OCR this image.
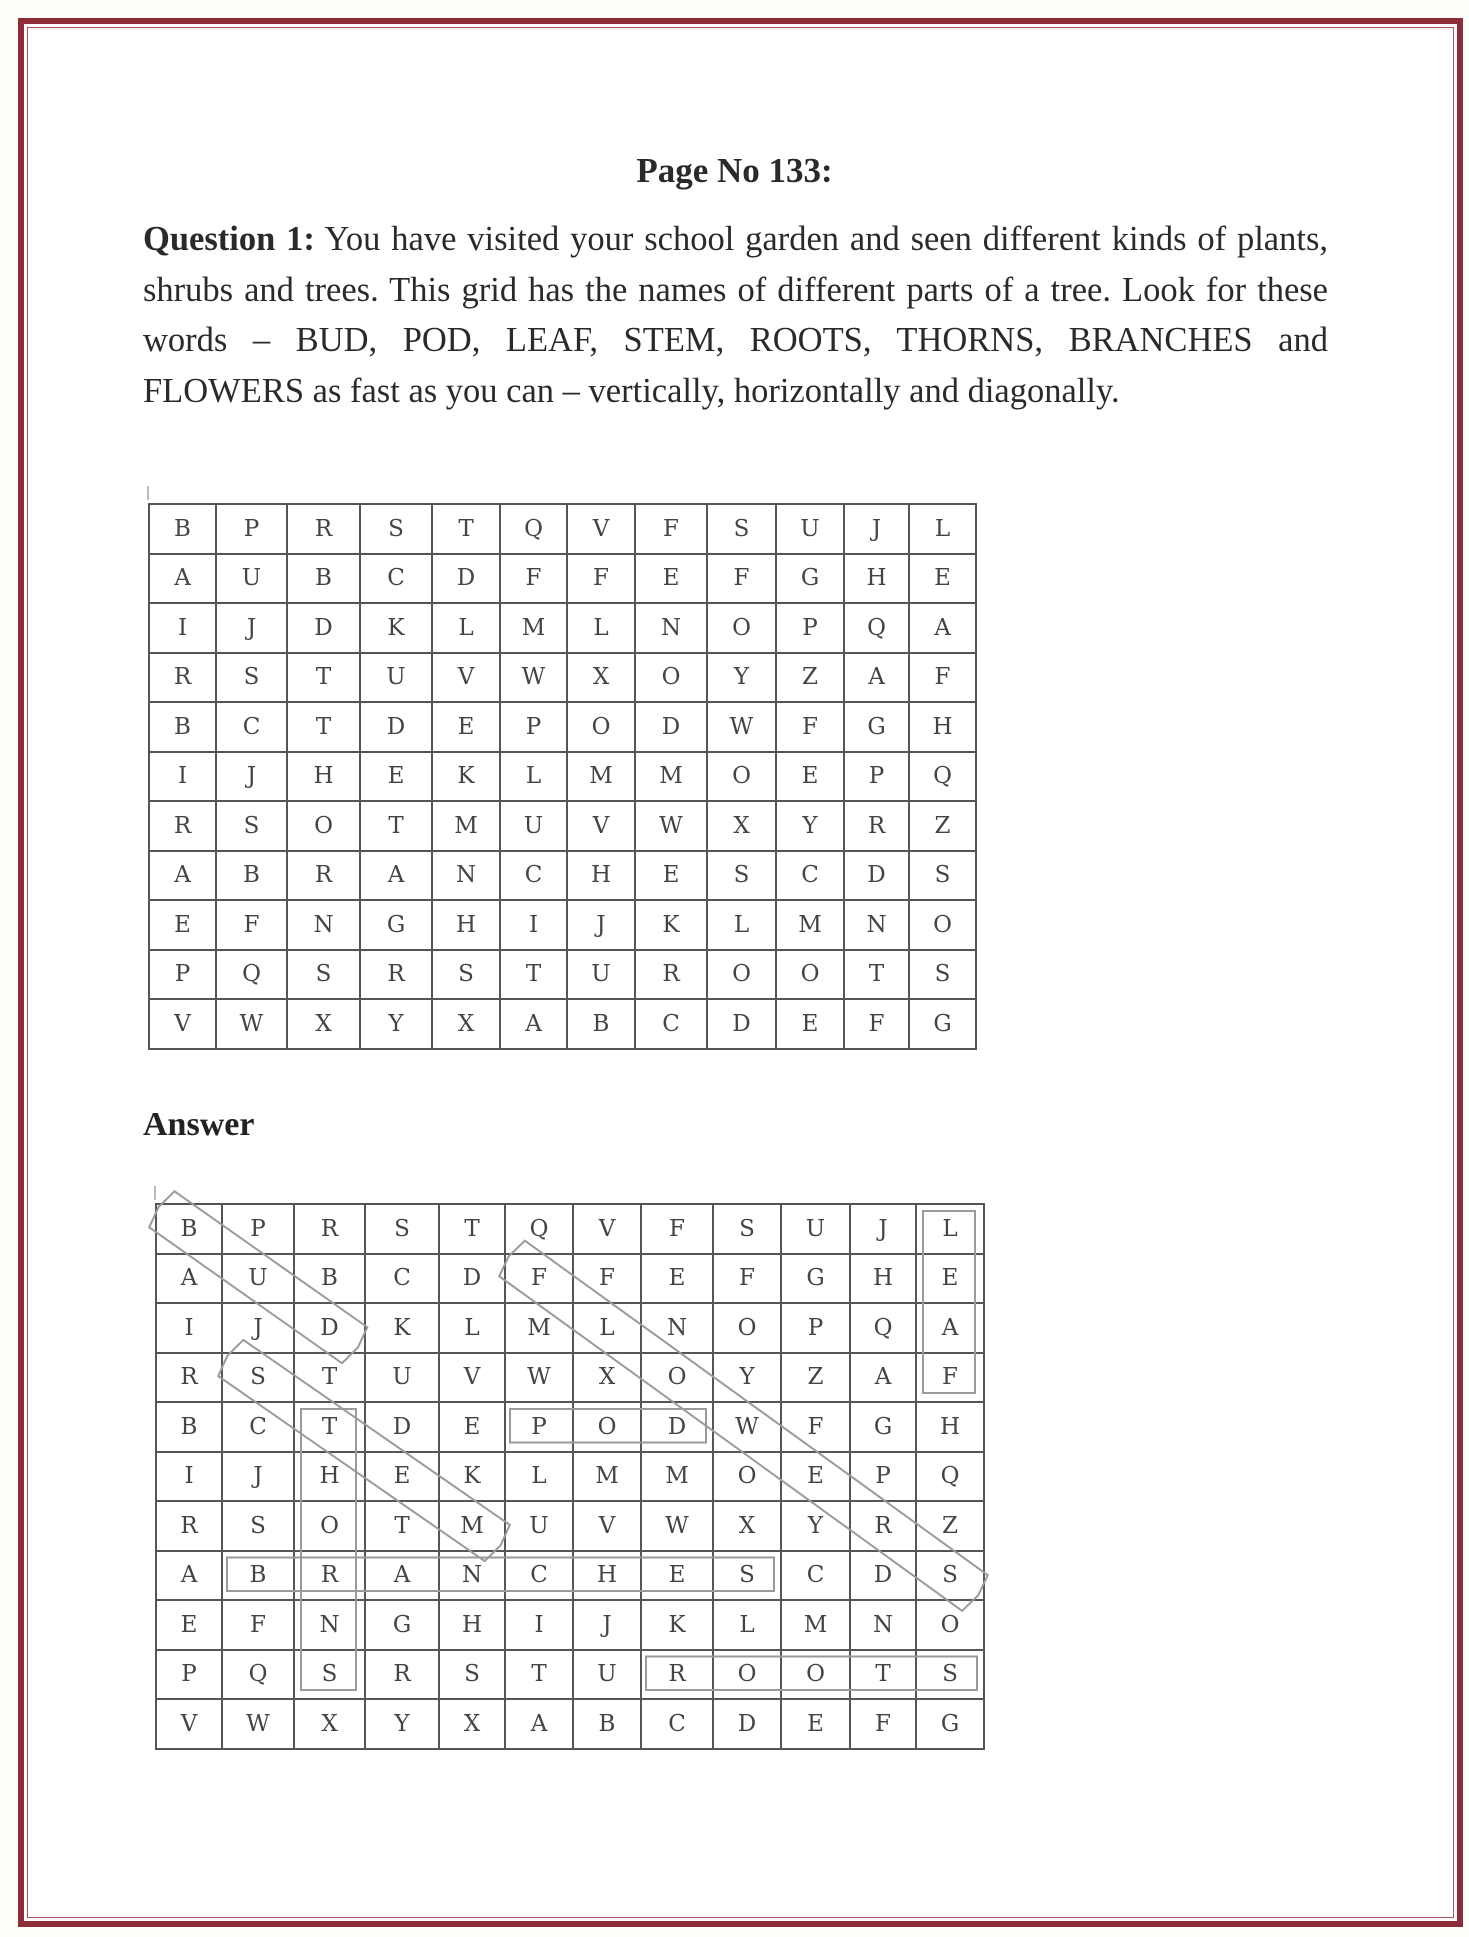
Page No 133:
Question 1: You have visited your school garden and seen different kinds of plants, shrubs and trees. This grid has the names of different parts of a tree. Look for these words – BUD, POD, LEAF, STEM, ROOTS, THORNS, BRANCHES and FLOWERS as fast as you can – vertically, horizontally and diagonally.
B	P	R	S	T	Q	V	F	S	U	J	L
A	U	B	C	D	F	F	E	F	G	H	E
I	J	D	K	L	M	L	N	O	P	Q	A
R	S	T	U	V	W	X	O	Y	Z	A	F
B	C	T	D	E	P	O	D	W	F	G	H
I	J	H	E	K	L	M	M	O	E	P	Q
R	S	O	T	M	U	V	W	X	Y	R	Z
A	B	R	A	N	C	H	E	S	C	D	S
E	F	N	G	H	I	J	K	L	M	N	O
P	Q	S	R	S	T	U	R	O	O	T	S
V	W	X	Y	X	A	B	C	D	E	F	G
Answer
B	P	R	S	T	Q	V	F	S	U	J	L
A	U	B	C	D	F	F	E	F	G	H	E
I	J	D	K	L	M	L	N	O	P	Q	A
R	S	T	U	V	W	X	O	Y	Z	A	F
B	C	T	D	E	P	O	D	W	F	G	H
I	J	H	E	K	L	M	M	O	E	P	Q
R	S	O	T	M	U	V	W	X	Y	R	Z
A	B	R	A	N	C	H	E	S	C	D	S
E	F	N	G	H	I	J	K	L	M	N	O
P	Q	S	R	S	T	U	R	O	O	T	S
V	W	X	Y	X	A	B	C	D	E	F	G
